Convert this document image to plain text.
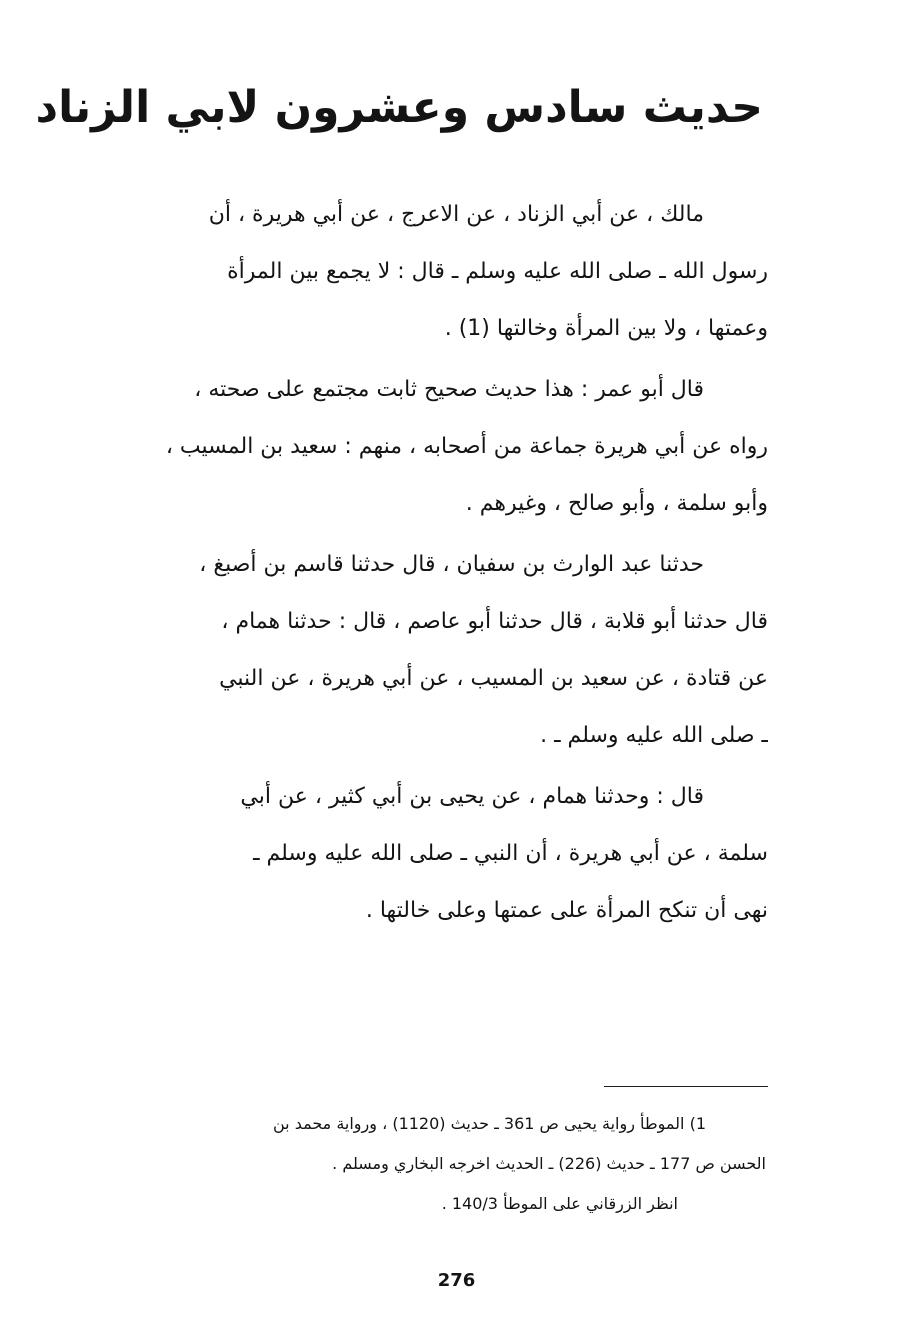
حديث سادس وعشرون لابي الزناد

مالك ، عن أبي الزناد ، عن الاعرج ، عن أبي هريرة ، أن
رسول الله ـ صلى الله عليه وسلم ـ قال : لا يجمع بين المرأة
وعمتها ، ولا بين المرأة وخالتها (1) .

قال أبو عمر : هذا حديث صحيح ثابت مجتمع على صحته ،
رواه عن أبي هريرة جماعة من أصحابه ، منهم : سعيد بن المسيب ،
وأبو سلمة ، وأبو صالح ، وغيرهم .

حدثنا عبد الوارث بن سفيان ، قال حدثنا قاسم بن أصبغ ،
قال حدثنا أبو قلابة ، قال حدثنا أبو عاصم ، قال : حدثنا همام ،
عن قتادة ، عن سعيد بن المسيب ، عن أبي هريرة ، عن النبي
ـ صلى الله عليه وسلم ـ .

قال : وحدثنا همام ، عن يحيى بن أبي كثير ، عن أبي
سلمة ، عن أبي هريرة ، أن النبي ـ صلى الله عليه وسلم ـ
نهى أن تنكح المرأة على عمتها وعلى خالتها .

1) الموطأ رواية يحيى ص 361 ـ حديث (1120) ، ورواية محمد بن
الحسن ص 177 ـ حديث (226) ـ الحديث اخرجه البخاري ومسلم .
انظر الزرقاني على الموطأ 140/3 .
276
